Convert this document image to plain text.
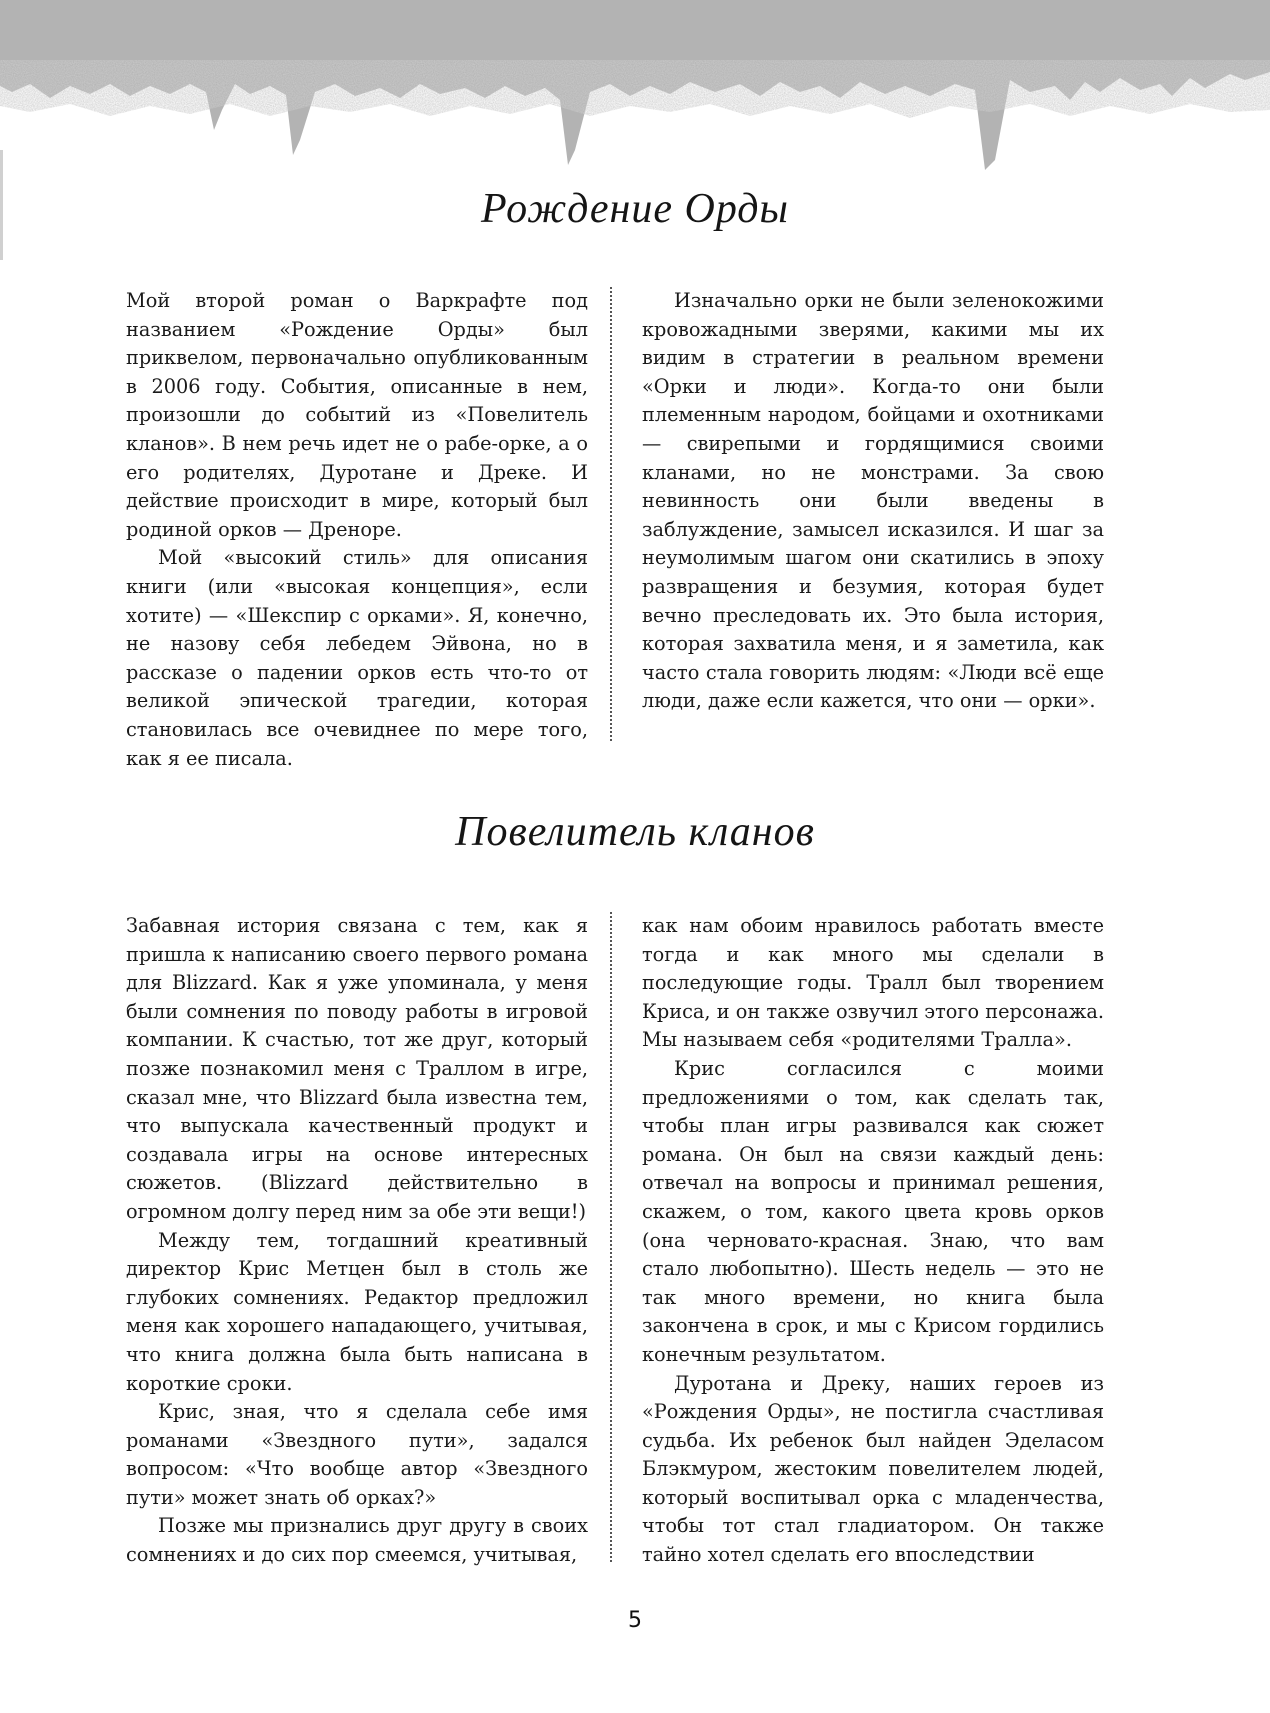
Рождение Орды

Мой второй роман о Варкрафте под названием «Рождение Орды» был приквелом, первоначально опубликованным в 2006 году. События, описанные в нем, произошли до событий из «Повелитель кланов». В нем речь идет не о рабе-орке, а о его родителях, Дуротане и Дреке. И действие происходит в мире, который был родиной орков — Дреноре.

Мой «высокий стиль» для описания книги (или «высокая концепция», если хотите) — «Шекспир с орками». Я, конечно, не назову себя лебедем Эйвона, но в рассказе о падении орков есть что-то от великой эпической трагедии, которая становилась все очевиднее по мере того, как я ее писала.

Изначально орки не были зеленокожими кровожадными зверями, какими мы их видим в стратегии в реальном времени «Орки и люди». Когда-то они были племенным народом, бойцами и охотниками — свирепыми и гордящимися своими кланами, но не монстрами. За свою невинность они были введены в заблуждение, замысел исказился. И шаг за неумолимым шагом они скатились в эпоху развращения и безумия, которая будет вечно преследовать их. Это была история, которая захватила меня, и я заметила, как часто стала говорить людям: «Люди всё еще люди, даже если кажется, что они — орки».

Повелитель кланов

Забавная история связана с тем, как я пришла к написанию своего первого романа для Blizzard. Как я уже упоминала, у меня были сомнения по поводу работы в игровой компании. К счастью, тот же друг, который позже познакомил меня с Траллом в игре, сказал мне, что Blizzard была известна тем, что выпускала качественный продукт и создавала игры на основе интересных сюжетов. (Blizzard действительно в огромном долгу перед ним за обе эти вещи!)

Между тем, тогдашний креативный директор Крис Метцен был в столь же глубоких сомнениях. Редактор предложил меня как хорошего нападающего, учитывая, что книга должна была быть написана в короткие сроки.

Крис, зная, что я сделала себе имя романами «Звездного пути», задался вопросом: «Что вообще автор «Звездного пути» может знать об орках?»

Позже мы признались друг другу в своих сомнениях и до сих пор смеемся, учитывая,

как нам обоим нравилось работать вместе тогда и как много мы сделали в последующие годы. Тралл был творением Криса, и он также озвучил этого персонажа. Мы называем себя «родителями Тралла».

Крис согласился с моими предложениями о том, как сделать так, чтобы план игры развивался как сюжет романа. Он был на связи каждый день: отвечал на вопросы и принимал решения, скажем, о том, какого цвета кровь орков (она черновато-красная. Знаю, что вам стало любопытно). Шесть недель — это не так много времени, но книга была закончена в срок, и мы с Крисом гордились конечным результатом.

Дуротана и Дреку, наших героев из «Рождения Орды», не постигла счастливая судьба. Их ребенок был найден Эделасом Блэкмуром, жестоким повелителем людей, который воспитывал орка с младенчества, чтобы тот стал гладиатором. Он также тайно хотел сделать его впоследствии

5
